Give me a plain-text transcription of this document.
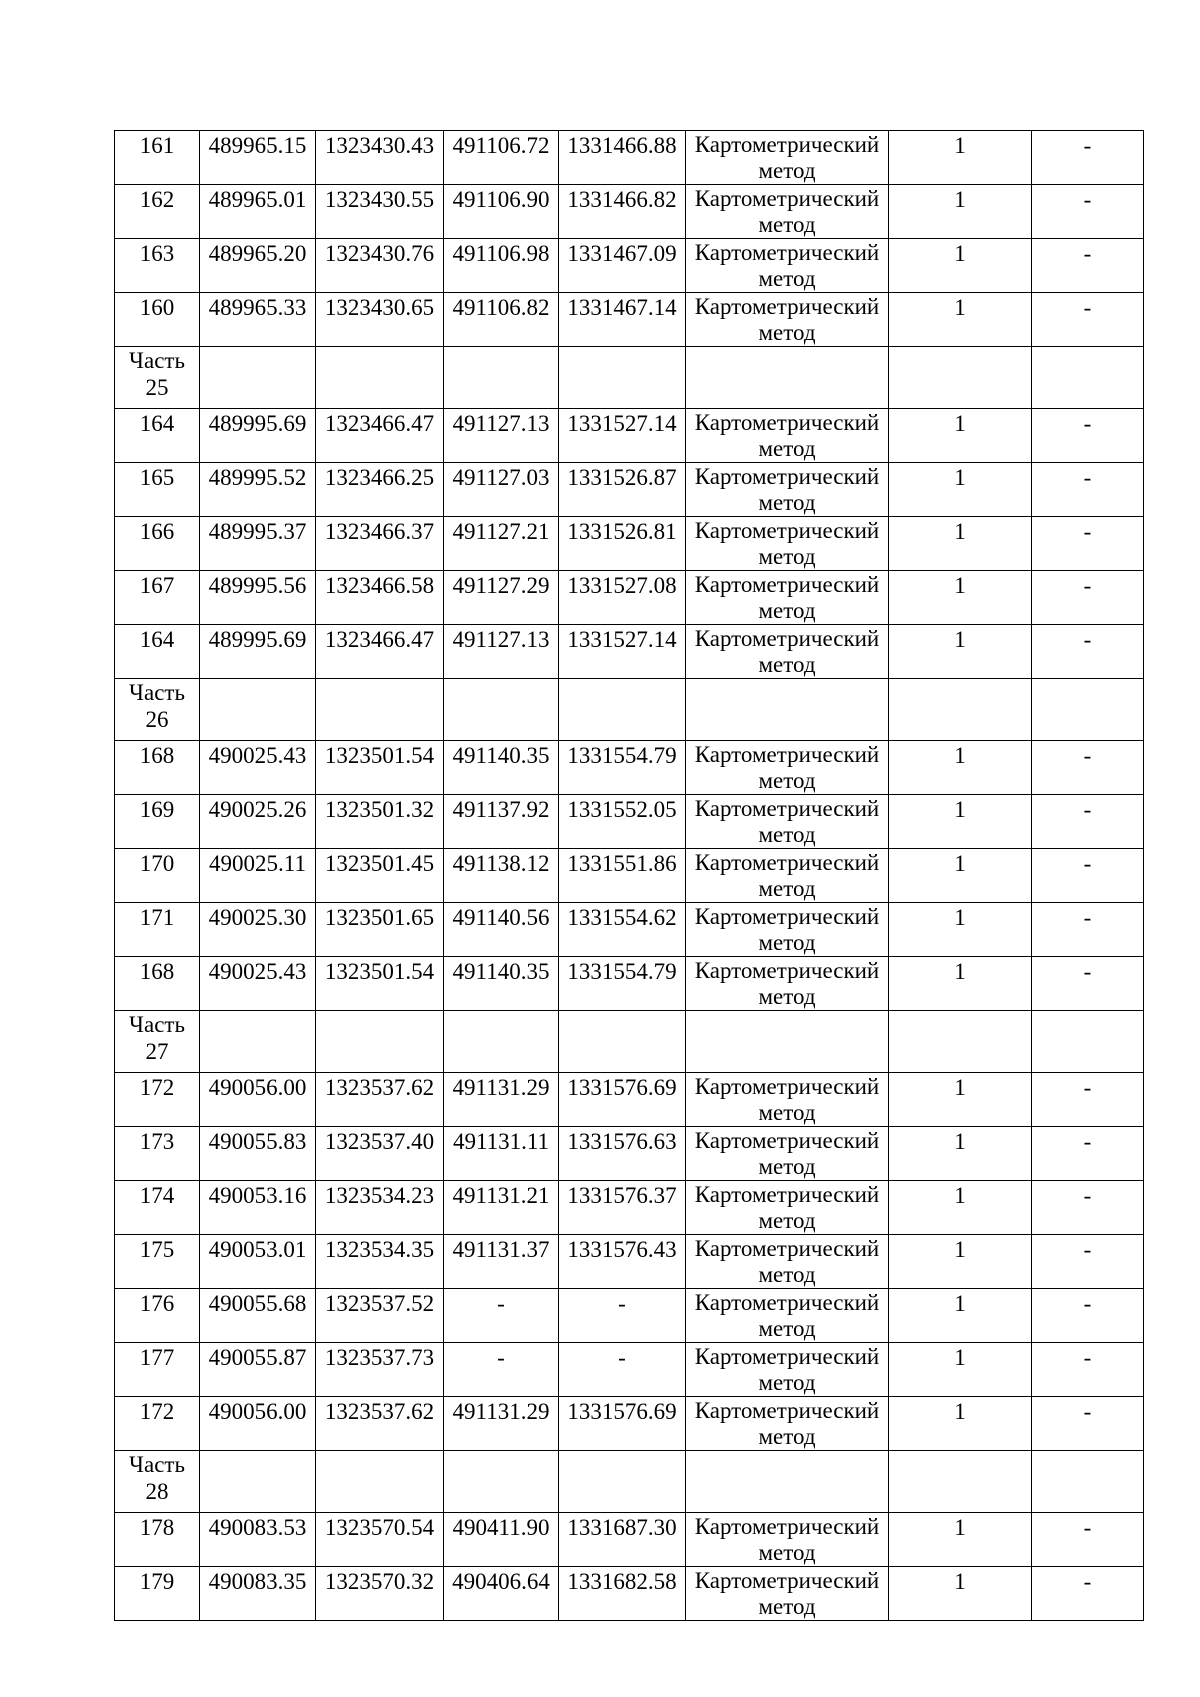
161	489965.15	1323430.43	491106.72	1331466.88	Картометрический метод	1	-
162	489965.01	1323430.55	491106.90	1331466.82	Картометрический метод	1	-
163	489965.20	1323430.76	491106.98	1331467.09	Картометрический метод	1	-
160	489965.33	1323430.65	491106.82	1331467.14	Картометрический метод	1	-

Часть
25							

164	489995.69	1323466.47	491127.13	1331527.14	Картометрический метод	1	-
165	489995.52	1323466.25	491127.03	1331526.87	Картометрический метод	1	-
166	489995.37	1323466.37	491127.21	1331526.81	Картометрический метод	1	-
167	489995.56	1323466.58	491127.29	1331527.08	Картометрический метод	1	-
164	489995.69	1323466.47	491127.13	1331527.14	Картометрический метод	1	-

Часть
26							

168	490025.43	1323501.54	491140.35	1331554.79	Картометрический метод	1	-
169	490025.26	1323501.32	491137.92	1331552.05	Картометрический метод	1	-
170	490025.11	1323501.45	491138.12	1331551.86	Картометрический метод	1	-
171	490025.30	1323501.65	491140.56	1331554.62	Картометрический метод	1	-
168	490025.43	1323501.54	491140.35	1331554.79	Картометрический метод	1	-

Часть
27							

172	490056.00	1323537.62	491131.29	1331576.69	Картометрический метод	1	-
173	490055.83	1323537.40	491131.11	1331576.63	Картометрический метод	1	-
174	490053.16	1323534.23	491131.21	1331576.37	Картометрический метод	1	-
175	490053.01	1323534.35	491131.37	1331576.43	Картометрический метод	1	-
176	490055.68	1323537.52	-	-	Картометрический метод	1	-
177	490055.87	1323537.73	-	-	Картометрический метод	1	-
172	490056.00	1323537.62	491131.29	1331576.69	Картометрический метод	1	-

Часть
28							

178	490083.53	1323570.54	490411.90	1331687.30	Картометрический метод	1	-
179	490083.35	1323570.32	490406.64	1331682.58	Картометрический метод	1	-
